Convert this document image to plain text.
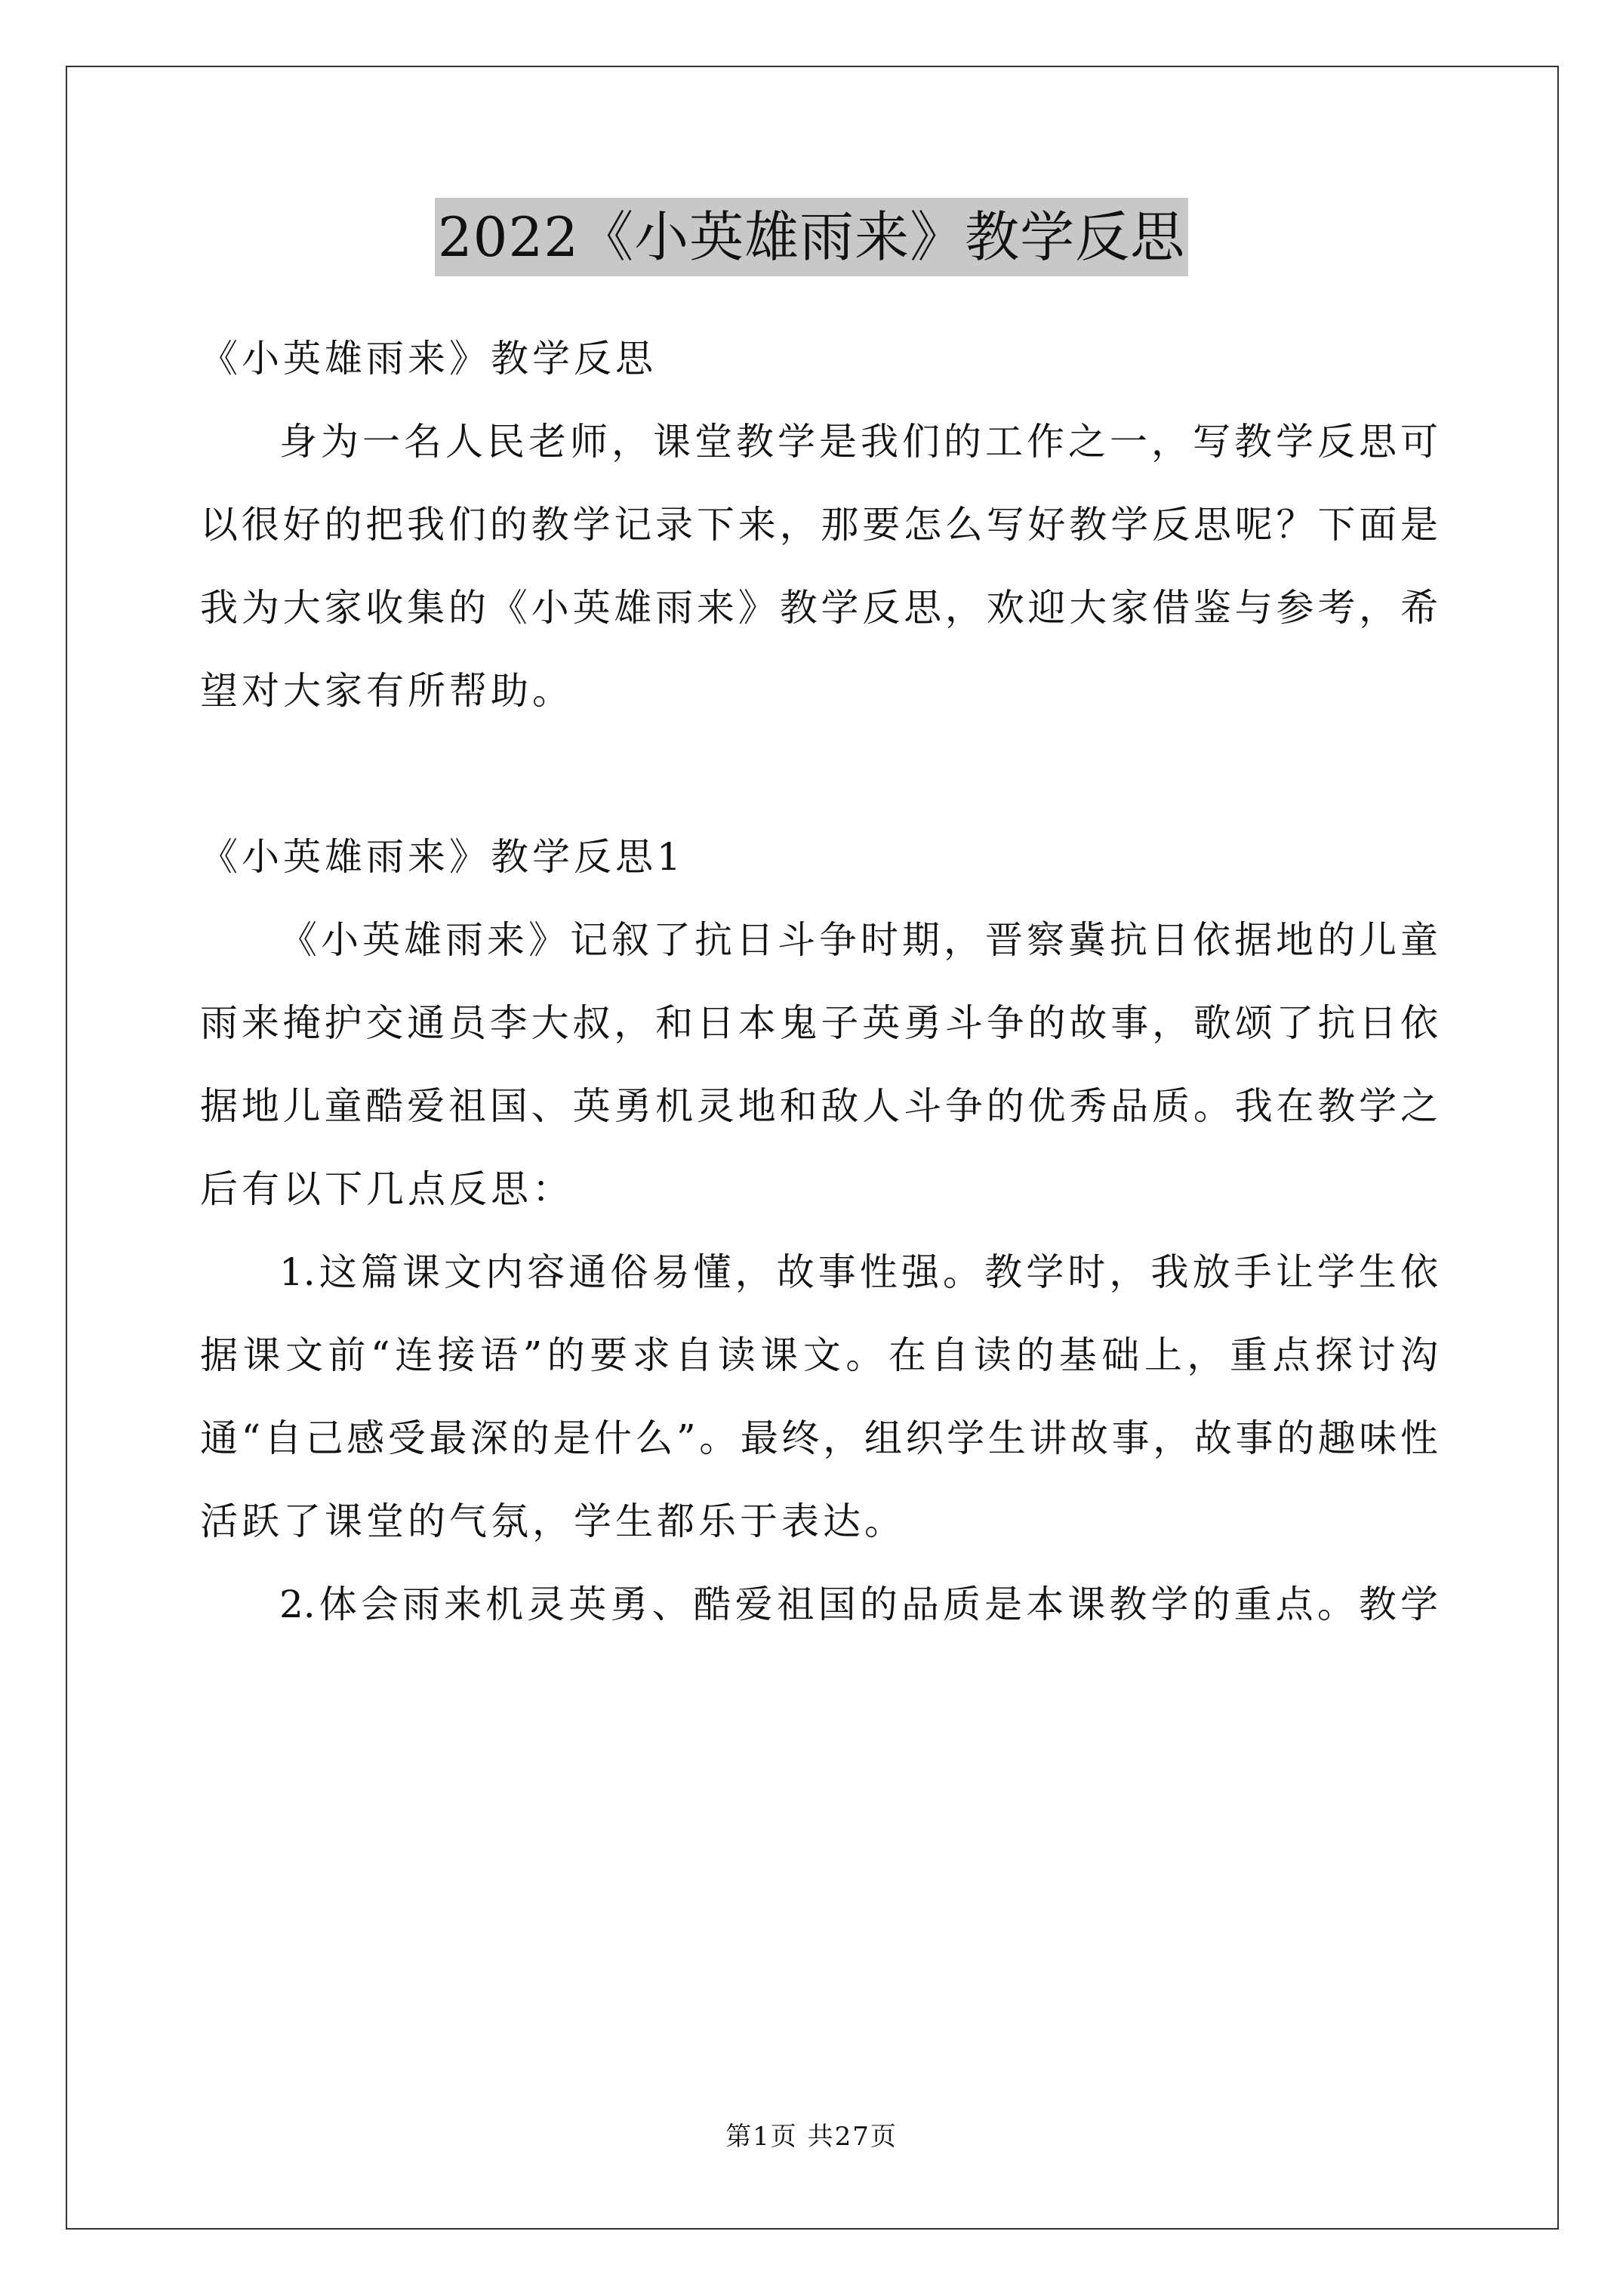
2022《小英雄雨来》教学反思
《小英雄雨来》教学反思
身为一名人民老师，课堂教学是我们的工作之一，写教学反思可
以很好的把我们的教学记录下来，那要怎么写好教学反思呢？下面是
我为大家收集的《小英雄雨来》教学反思，欢迎大家借鉴与参考，希
望对大家有所帮助。
《小英雄雨来》教学反思1
《小英雄雨来》记叙了抗日斗争时期，晋察冀抗日依据地的儿童
雨来掩护交通员李大叔，和日本鬼子英勇斗争的故事，歌颂了抗日依
据地儿童酷爱祖国、英勇机灵地和敌人斗争的优秀品质。我在教学之
后有以下几点反思：
1.这篇课文内容通俗易懂，故事性强。教学时，我放手让学生依
据课文前“连接语”的要求自读课文。在自读的基础上，重点探讨沟
通“自己感受最深的是什么”。最终，组织学生讲故事，故事的趣味性
活跃了课堂的气氛，学生都乐于表达。
2.体会雨来机灵英勇、酷爱祖国的品质是本课教学的重点。教学
第1页 共27页
